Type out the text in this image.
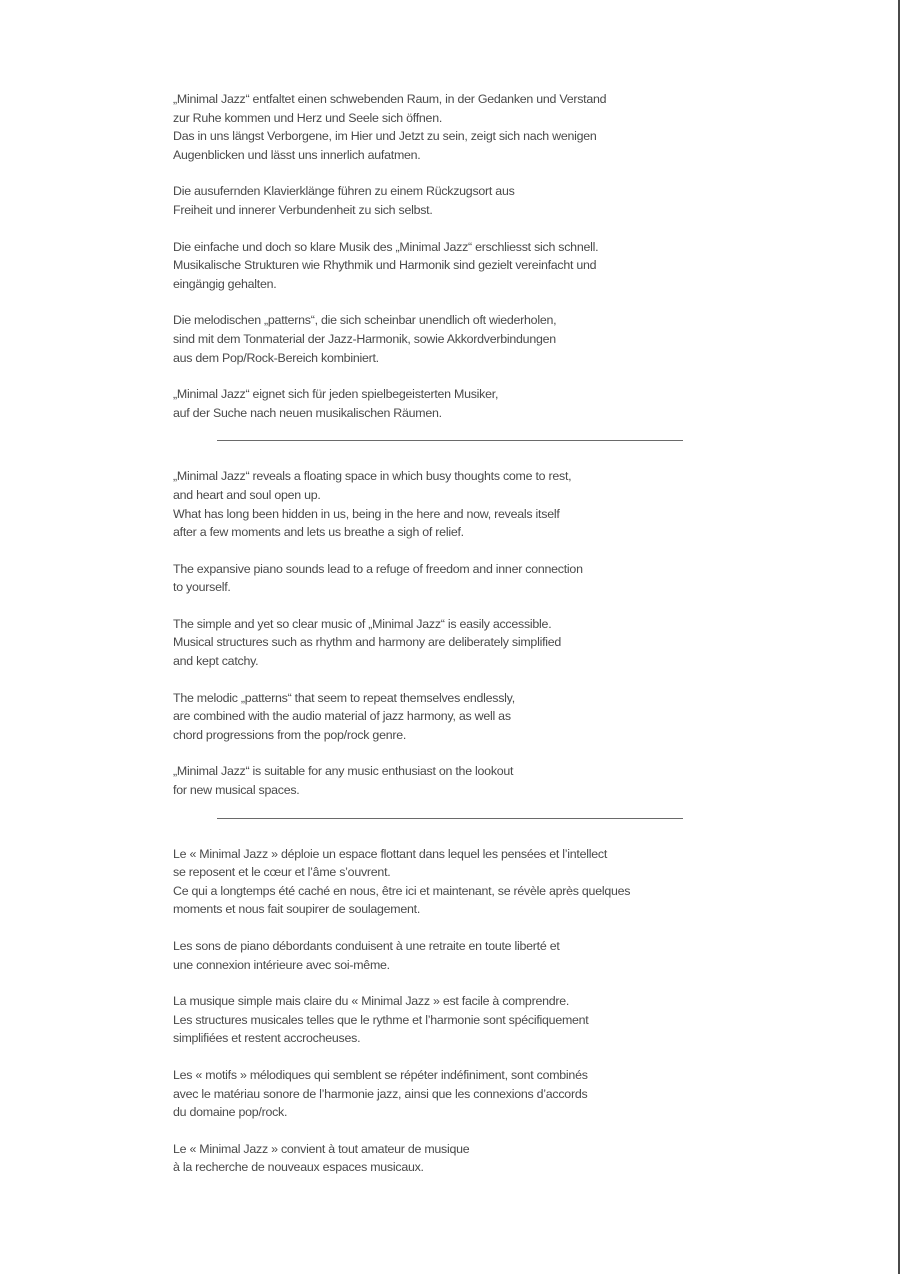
„Minimal Jazz“ entfaltet einen schwebenden Raum, in der Gedanken und Verstand
zur Ruhe kommen und Herz und Seele sich öffnen.
Das in uns längst Verborgene, im Hier und Jetzt zu sein, zeigt sich nach wenigen
Augenblicken und lässt uns innerlich aufatmen.
Die ausufernden Klavierklänge führen zu einem Rückzugsort aus
Freiheit und innerer Verbundenheit zu sich selbst.
Die einfache und doch so klare Musik des „Minimal Jazz“ erschliesst sich schnell.
Musikalische Strukturen wie Rhythmik und Harmonik sind gezielt vereinfacht und
eingängig gehalten.
Die melodischen „patterns“, die sich scheinbar unendlich oft wiederholen,
sind mit dem Tonmaterial der Jazz-Harmonik, sowie Akkordverbindungen
aus dem Pop/Rock-Bereich kombiniert.
„Minimal Jazz“ eignet sich für jeden spielbegeisterten Musiker,
auf der Suche nach neuen musikalischen Räumen.
„Minimal Jazz“ reveals a floating space in which busy thoughts come to rest,
and heart and soul open up.
What has long been hidden in us, being in the here and now, reveals itself
after a few moments and lets us breathe a sigh of relief.
The expansive piano sounds lead to a refuge of freedom and inner connection
to yourself.
The simple and yet so clear music of „Minimal Jazz“ is easily accessible.
Musical structures such as rhythm and harmony are deliberately simplified
and kept catchy.
The melodic „patterns“ that seem to repeat themselves endlessly,
are combined with the audio material of jazz harmony, as well as
chord progressions from the pop/rock genre.
„Minimal Jazz“ is suitable for any music enthusiast on the lookout
for new musical spaces.
Le « Minimal Jazz » déploie un espace flottant dans lequel les pensées et l’intellect
se reposent et le cœur et l’âme s’ouvrent.
Ce qui a longtemps été caché en nous, être ici et maintenant, se révèle après quelques
moments et nous fait soupirer de soulagement.
Les sons de piano débordants conduisent à une retraite en toute liberté et
une connexion intérieure avec soi-même.
La musique simple mais claire du « Minimal Jazz » est facile à comprendre.
Les structures musicales telles que le rythme et l’harmonie sont spécifiquement
simplifiées et restent accrocheuses.
Les « motifs » mélodiques qui semblent se répéter indéfiniment, sont combinés
avec le matériau sonore de l’harmonie jazz, ainsi que les connexions d’accords
du domaine pop/rock.
Le « Minimal Jazz » convient à tout amateur de musique
à la recherche de nouveaux espaces musicaux.
